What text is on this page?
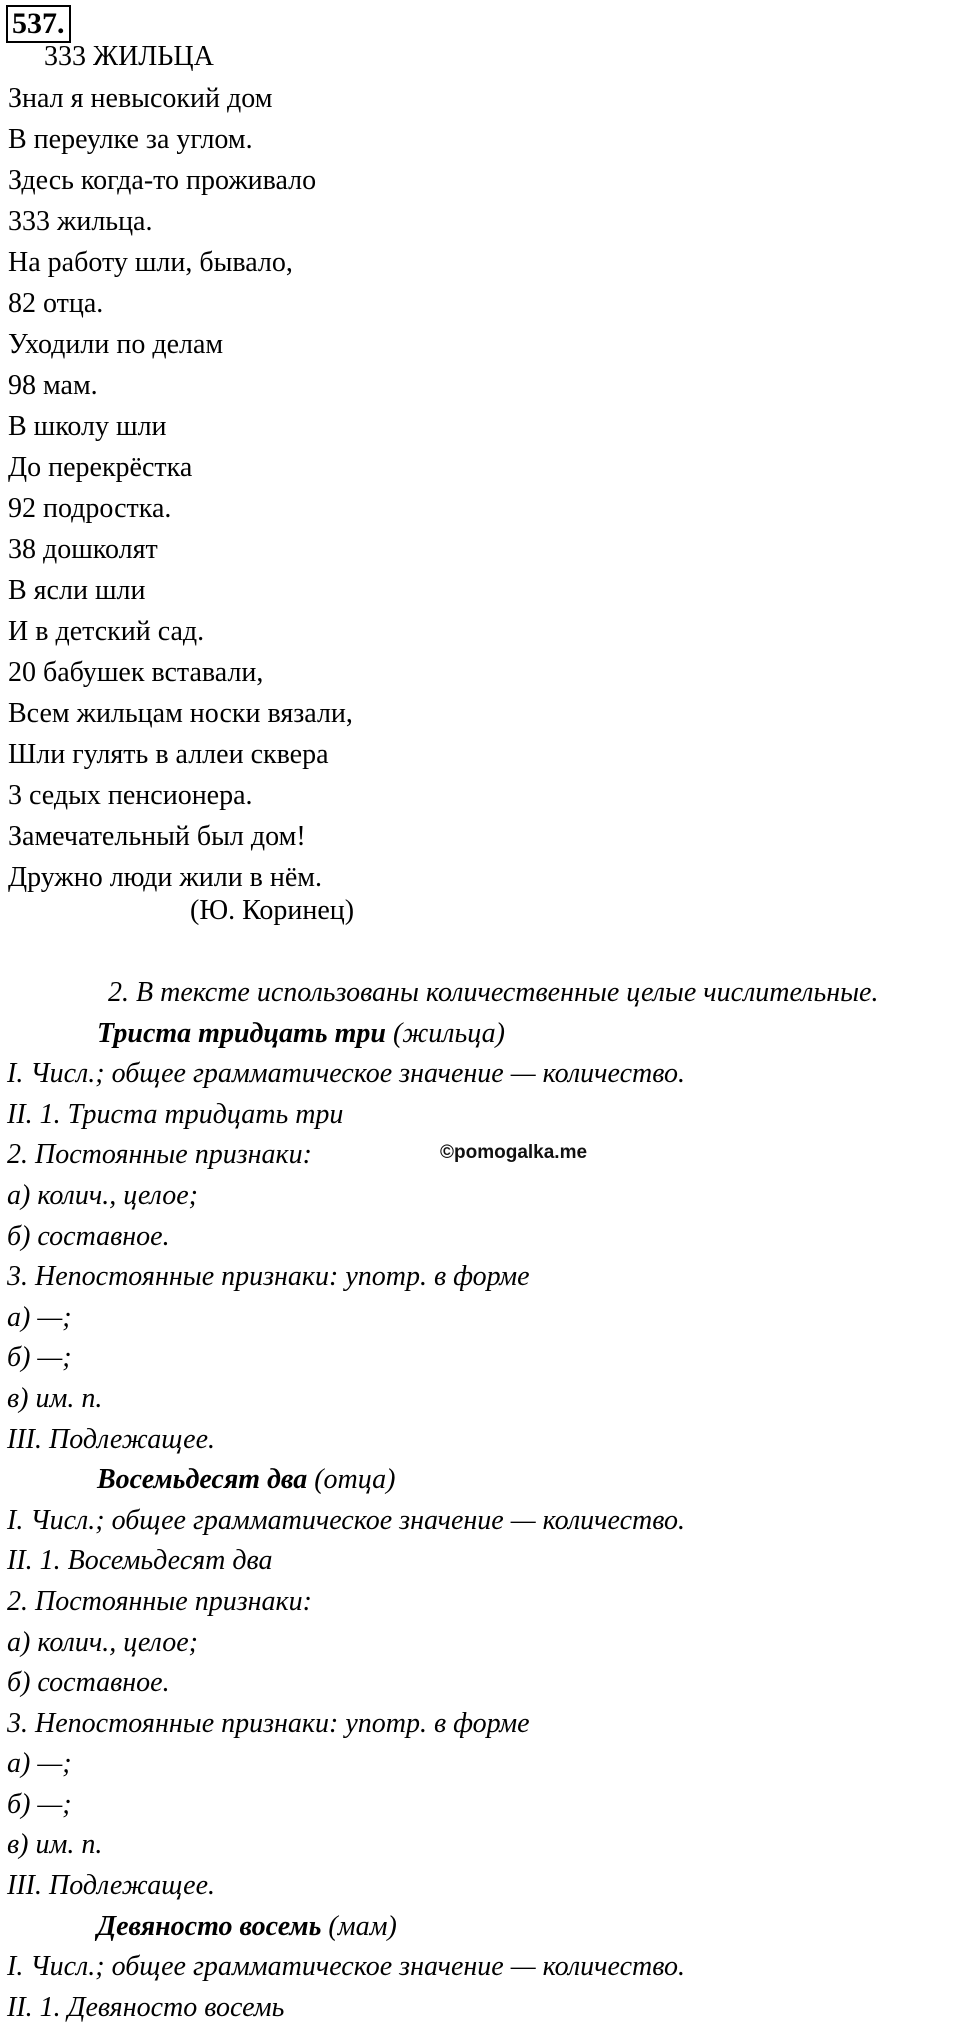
537.
333 ЖИЛЬЦА
Знал я невысокий дом
В переулке за углом.
Здесь когда-то проживало
333 жильца.
На работу шли, бывало,
82 отца.
Уходили по делам
98 мам.
В школу шли
До перекрёстка
92 подростка.
38 дошколят
В ясли шли
И в детский сад.
20 бабушек вставали,
Всем жильцам носки вязали,
Шли гулять в аллеи сквера
3 седых пенсионера.
Замечательный был дом!
Дружно люди жили в нём.
(Ю. Коринец)
2. В тексте использованы количественные целые числительные.
Триста тридцать три (жильца)
I. Числ.; общее грамматическое значение — количество.
II. 1. Триста тридцать три
2. Постоянные признаки:
а) колич., целое;
б) составное.
3. Непостоянные признаки: употр. в форме
а) —;
б) —;
в) им. п.
III. Подлежащее.
Восемьдесят два (отца)
I. Числ.; общее грамматическое значение — количество.
II. 1. Восемьдесят два
2. Постоянные признаки:
а) колич., целое;
б) составное.
3. Непостоянные признаки: употр. в форме
а) —;
б) —;
в) им. п.
III. Подлежащее.
Девяносто восемь (мам)
I. Числ.; общее грамматическое значение — количество.
II. 1. Девяносто восемь
©pomogalka.me
